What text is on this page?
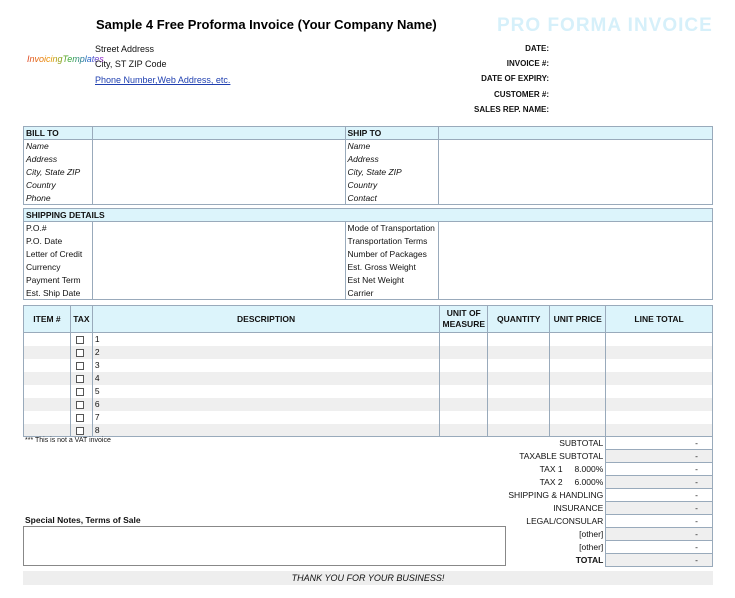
Sample 4 Free Proforma Invoice (Your Company Name)	PRO FORMA INVOICE
InvoicingTemplates
Street Address
City, ST ZIP Code
Phone Number,Web Address, etc.
DATE:
INVOICE #:
DATE OF EXPIRY:
CUSTOMER #:
SALES REP. NAME:
BILL TO		SHIP TO	
Name		Name	
Address		Address	
City, State ZIP		City, State ZIP	
Country		Country	
Phone		Contact	
SHIPPING DETAILS			
P.O.#		Mode of Transportation	
P.O. Date		Transportation Terms	
Letter of Credit		Number of Packages	
Currency		Est. Gross Weight	
Payment Term		Est Net Weight	
Est. Ship Date		Carrier	
ITEM #	TAX	DESCRIPTION	UNIT OF MEASURE	QUANTITY	UNIT PRICE	LINE TOTAL
		1				
		2				
		3				
		4				
		5				
		6				
		7				
		8				
*** This is not a VAT invoice	SUBTOTAL	-
TAXABLE SUBTOTAL	-
TAX 1 8.000%	-
TAX 2 6.000%	-
SHIPPING & HANDLING	-
INSURANCE	-
LEGAL/CONSULAR	-
[other]	-
[other]	-
TOTAL	-
Special Notes, Terms of Sale
THANK YOU FOR YOUR BUSINESS!
